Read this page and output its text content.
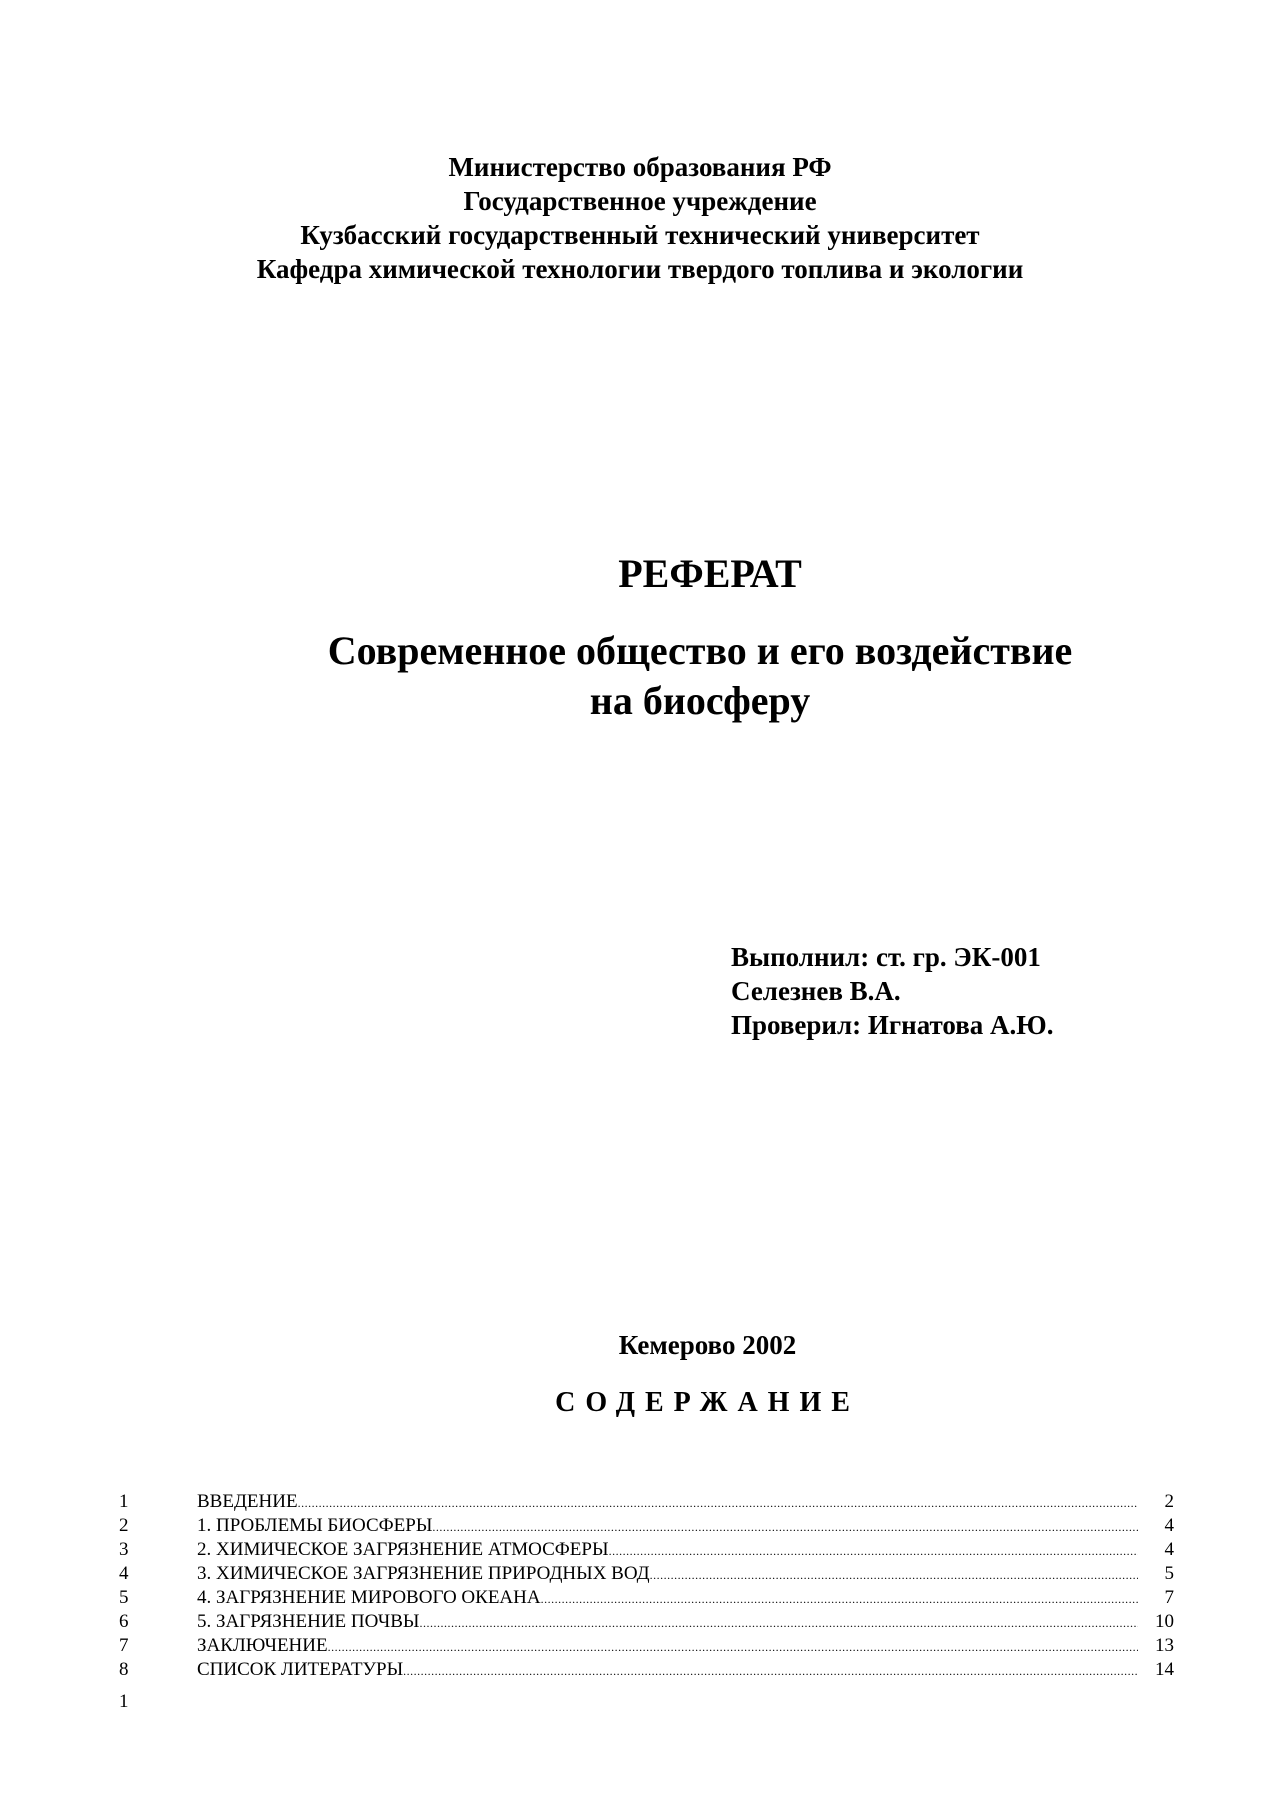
Министерство образования РФ
Государственное учреждение
Кузбасский государственный технический университет
Кафедра химической технологии твердого топлива и экологии
РЕФЕРАТ
Современное общество и его воздействие
на биосферу
Выполнил: ст. гр. ЭК-001
Селезнев В.А.
Проверил: Игнатова А.Ю.
Кемерово 2002
СОДЕРЖАНИЕ
1	ВВЕДЕНИЕ .....	2
2	1. ПРОБЛЕМЫ БИОСФЕРЫ .....	4
3	2. ХИМИЧЕСКОЕ ЗАГРЯЗНЕНИЕ АТМОСФЕРЫ .....	4
4	3. ХИМИЧЕСКОЕ ЗАГРЯЗНЕНИЕ ПРИРОДНЫХ ВОД .....	5
5	4. ЗАГРЯЗНЕНИЕ МИРОВОГО ОКЕАНА .....	7
6	5. ЗАГРЯЗНЕНИЕ ПОЧВЫ .....	10
7	ЗАКЛЮЧЕНИЕ .....	13
8	СПИСОК ЛИТЕРАТУРЫ .....	14
1
